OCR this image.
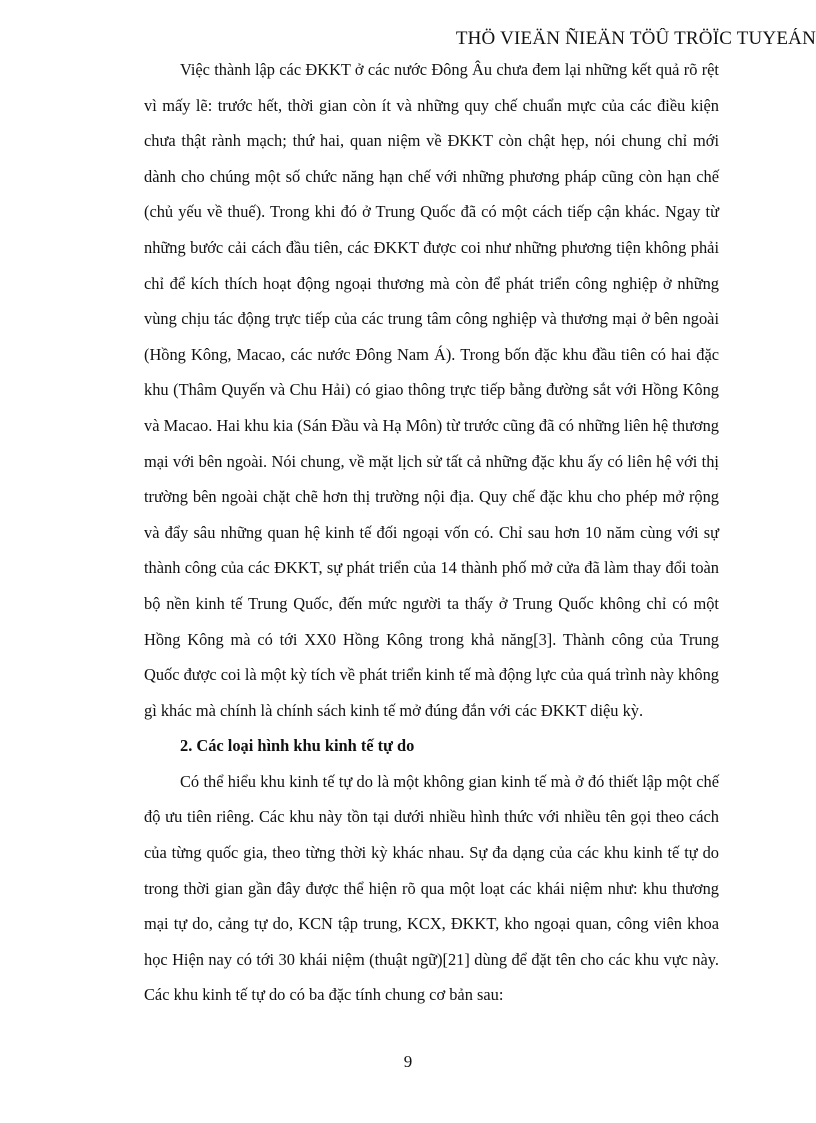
THÖ VIEÄN ÑIEÄN TÖÛ TRÖÏC TUYEÁN

Việc thành lập các ĐKKT ở các nước Đông Âu chưa đem lại những kết quả rõ rệt vì mấy lẽ: trước hết, thời gian còn ít và những quy chế chuẩn mực của các điều kiện chưa thật rành mạch; thứ hai, quan niệm về ĐKKT còn chật hẹp, nói chung chỉ mới dành cho chúng một số chức năng hạn chế với những phương pháp cũng còn hạn chế (chủ yếu về thuế). Trong khi đó ở Trung Quốc đã có một cách tiếp cận khác. Ngay từ những bước cải cách đầu tiên, các ĐKKT được coi như những phương tiện không phải chỉ để kích thích hoạt động ngoại thương mà còn để phát triển công nghiệp ở những vùng chịu tác động trực tiếp của các trung tâm công nghiệp và thương mại ở bên ngoài (Hồng Kông, Macao, các nước Đông Nam Á). Trong bốn đặc khu đầu tiên có hai đặc khu (Thâm Quyến và Chu Hải) có giao thông trực tiếp bằng đường sắt với Hồng Kông và Macao. Hai khu kia (Sán Đầu và Hạ Môn) từ trước cũng đã có những liên hệ thương mại với bên ngoài. Nói chung, về mặt lịch sử tất cả những đặc khu ấy có liên hệ với thị trường bên ngoài chặt chẽ hơn thị trường nội địa. Quy chế đặc khu cho phép mở rộng và đẩy sâu những quan hệ kinh tế đối ngoại vốn có. Chỉ sau hơn 10 năm cùng với sự thành công của các ĐKKT, sự phát triển của 14 thành phố mở cửa đã làm thay đổi toàn bộ nền kinh tế Trung Quốc, đến mức người ta thấy ở Trung Quốc không chỉ có một Hồng Kông mà có tới XX0 Hồng Kông trong khả năng[3]. Thành công của Trung Quốc được coi là một kỳ tích về phát triển kinh tế mà động lực của quá trình này không gì khác mà chính là chính sách kinh tế mở đúng đắn với các ĐKKT diệu kỳ.

2. Các loại hình khu kinh tế tự do

Có thể hiểu khu kinh tế tự do là một không gian kinh tế mà ở đó thiết lập một chế độ ưu tiên riêng. Các khu này tồn tại dưới nhiều hình thức với nhiều tên gọi theo cách của từng quốc gia, theo từng thời kỳ khác nhau. Sự đa dạng của các khu kinh tế tự do trong thời gian gần đây được thể hiện rõ qua một loạt các khái niệm như: khu thương mại tự do, cảng tự do, KCN tập trung, KCX, ĐKKT, kho ngoại quan, công viên khoa học Hiện nay có tới 30 khái niệm (thuật ngữ)[21] dùng để đặt tên cho các khu vực này. Các khu kinh tế tự do có ba đặc tính chung cơ bản sau:

9
